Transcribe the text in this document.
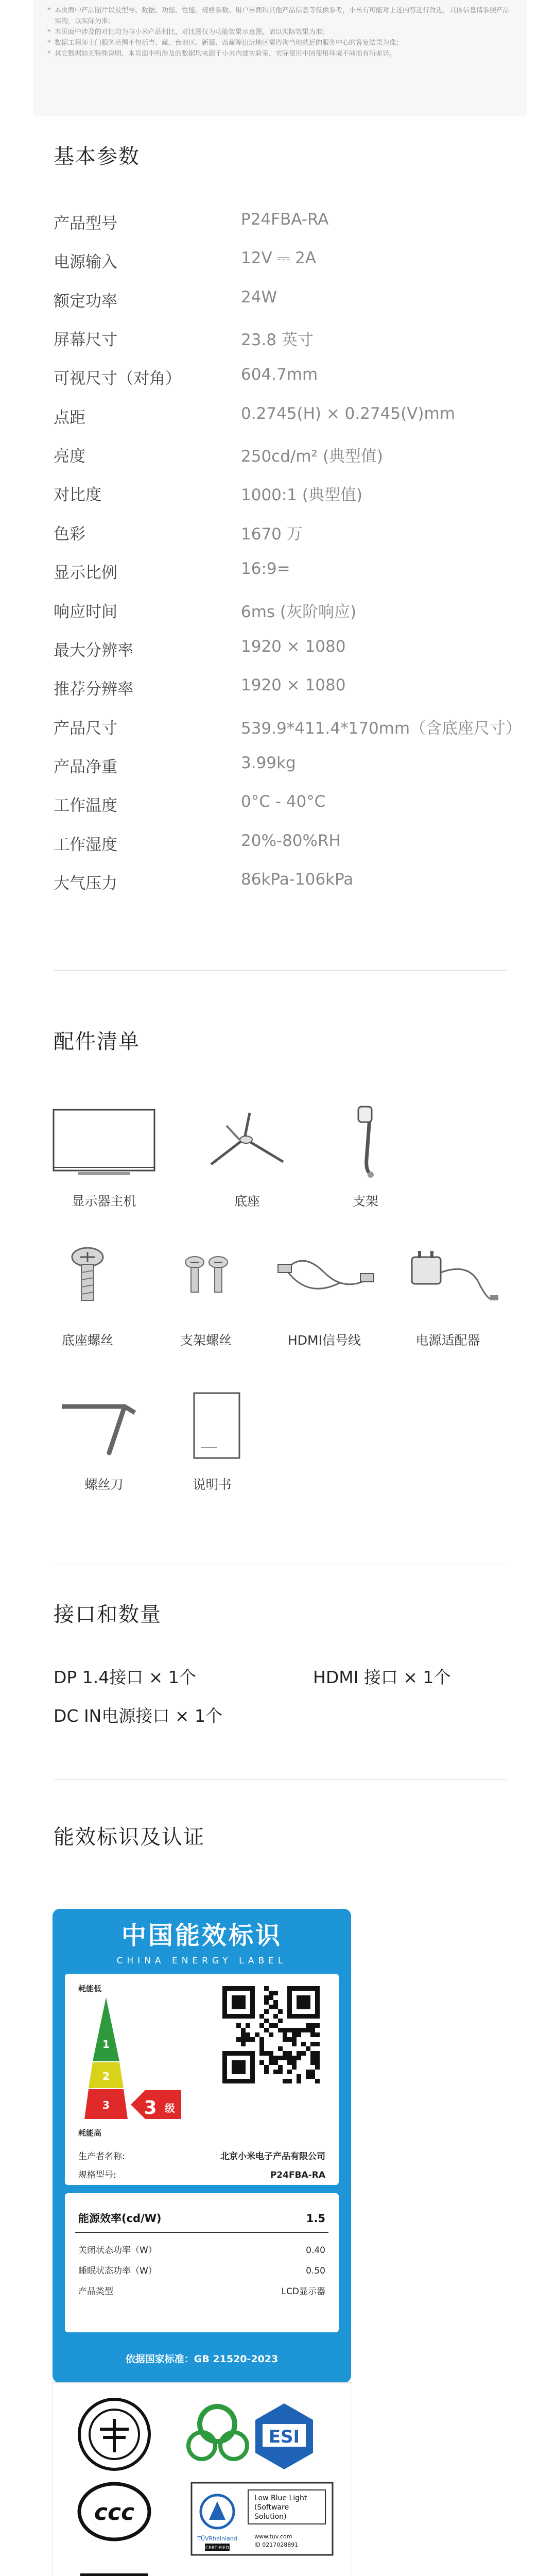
* 本页面中产品图片以及型号、数据、功能、性能、规格参数、用户界面和其他产品信息等仅供参考，小米有可能对上述内容进行改进，具体信息请参照产品实物，以实际为准；

* 本页面中涉及的对比均为与小米产品相比，对比图仅为功能效果示意图，请以实际效果为准；

* 数据工程师上门服务范围不包括青、藏、台地区、新疆、西藏等边远地区需咨询当地就近的服务中心的答复结果为准；

* 其它数据如无特殊说明，本页面中所涉及的数据均来源于小米内部实验室，实际使用中因使用环境不同而有所差异。

基本参数
产品型号	P24FBA-RA
电源输入	12V ⎓ 2A
额定功率	24W
屏幕尺寸	23.8 英寸
可视尺寸（对角）	604.7mm
点距	0.2745(H) × 0.2745(V)mm
亮度	250cd/m² (典型值)
对比度	1000:1 (典型值)
色彩	1670 万
显示比例	16:9=
响应时间	6ms (灰阶响应)
最大分辨率	1920 × 1080
推荐分辨率	1920 × 1080
产品尺寸	539.9*411.4*170mm（含底座尺寸）
产品净重	3.99kg
工作温度	0°C - 40°C
工作湿度	20%-80%RH
大气压力	86kPa-106kPa
配件清单
显示器主机	底座	支架
底座螺丝	支架螺丝	HDMI信号线	电源适配器
螺丝刀	说明书
接口和数量
DP 1.4接口 × 1个	HDMI 接口 × 1个
DC IN电源接口 × 1个
能效标识及认证
中国能效标识
CHINA ENERGY LABEL
耗能低
1
2
3
耗能高
3 级
生产者名称:	北京小米电子产品有限公司
规格型号:	P24FBA-RA
能源效率(cd/W)	1.5
关闭状态功率（W）	0.40
睡眠状态功率（W）	0.50
产品类型	LCD显示器
依据国家标准：GB 21520-2023
ESI
ccc
TÜVRheinland
CERTIFIED
Low Blue Light
(Software
Solution)
www.tuv.com
ID 0217028891
